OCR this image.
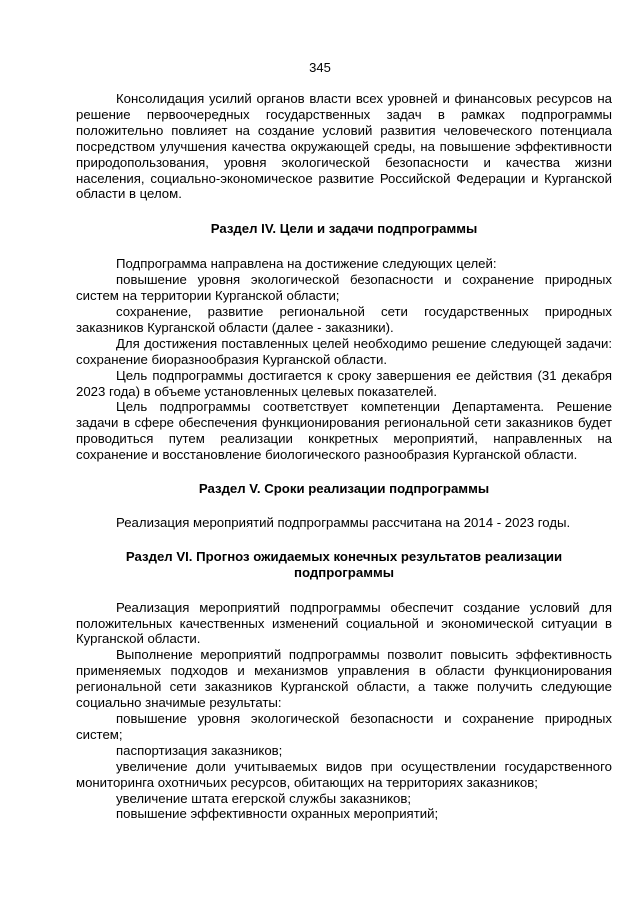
345

Консолидация усилий органов власти всех уровней и финансовых ресурсов на решение первоочередных государственных задач в рамках подпрограммы положительно повлияет на создание условий развития человеческого потенциала посредством улучшения качества окружающей среды, на повышение эффективности природопользования, уровня экологической безопасности и качества жизни населения, социально-экономическое развитие Российской Федерации и Курганской области в целом.

Раздел IV. Цели и задачи подпрограммы

Подпрограмма направлена на достижение следующих целей:

повышение уровня экологической безопасности и сохранение природных систем на территории Курганской области;

сохранение, развитие региональной сети государственных природных заказников Курганской области (далее - заказники).

Для достижения поставленных целей необходимо решение следующей задачи: сохранение биоразнообразия Курганской области.

Цель подпрограммы достигается к сроку завершения ее действия (31 декабря 2023 года) в объеме установленных целевых показателей.

Цель подпрограммы соответствует компетенции Департамента. Решение задачи в сфере обеспечения функционирования региональной сети заказников будет проводиться путем реализации конкретных мероприятий, направленных на сохранение и восстановление биологического разнообразия Курганской области.

Раздел V. Сроки реализации подпрограммы

Реализация мероприятий подпрограммы рассчитана на 2014 - 2023 годы.

Раздел VI. Прогноз ожидаемых конечных результатов реализации подпрограммы

Реализация мероприятий подпрограммы обеспечит создание условий для положительных качественных изменений социальной и экономической ситуации в Курганской области.

Выполнение мероприятий подпрограммы позволит повысить эффективность применяемых подходов и механизмов управления в области функционирования региональной сети заказников Курганской области, а также получить следующие социально значимые результаты:

повышение уровня экологической безопасности и сохранение природных систем;

паспортизация заказников;

увеличение доли учитываемых видов при осуществлении государственного мониторинга охотничьих ресурсов, обитающих на территориях заказников;

увеличение штата егерской службы заказников;

повышение эффективности охранных мероприятий;
